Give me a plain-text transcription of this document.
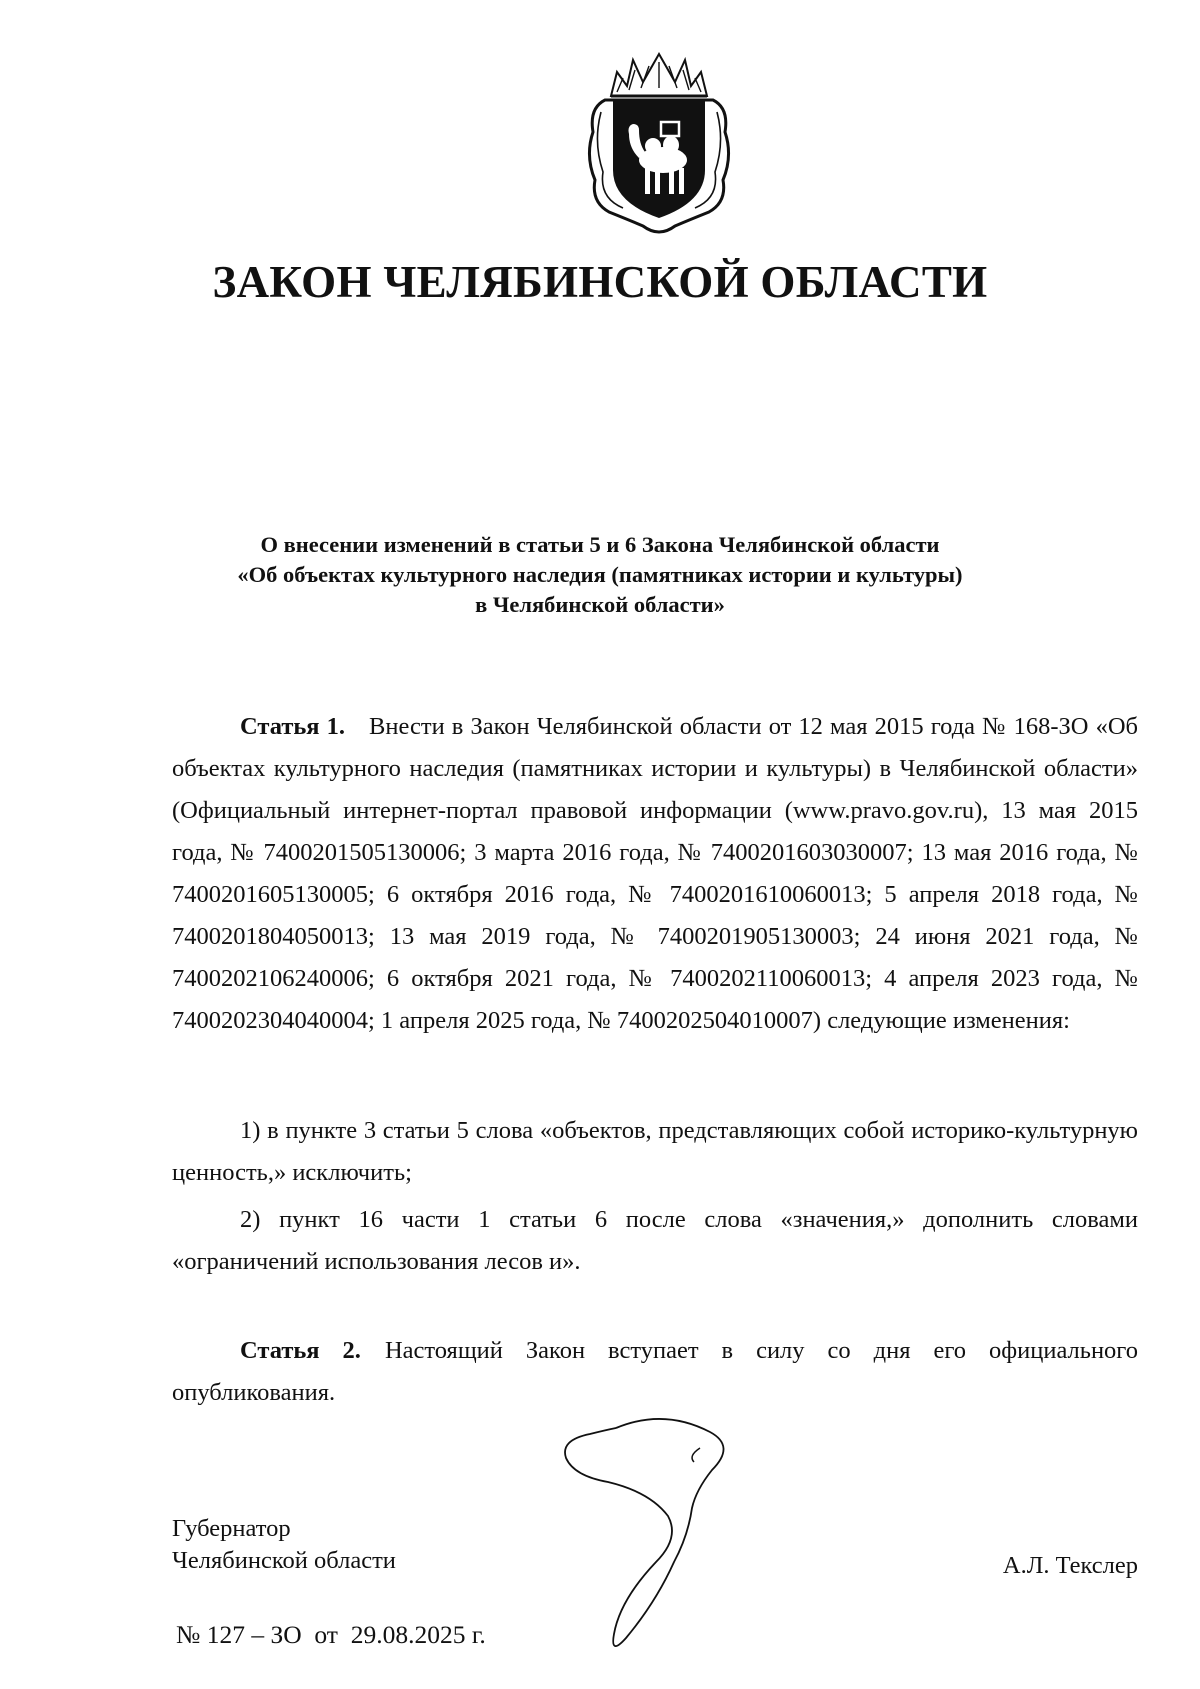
ЗАКОН ЧЕЛЯБИНСКОЙ ОБЛАСТИ
О внесении изменений в статьи 5 и 6 Закона Челябинской области
«Об объектах культурного наследия (памятниках истории и культуры)
в Челябинской области»

Статья 1. Внести в Закон Челябинской области от 12 мая 2015 года № 168-ЗО «Об объектах культурного наследия (памятниках истории и культуры) в Челябинской области» (Официальный интернет-портал правовой информации (www.pravo.gov.ru), 13 мая 2015 года, № 7400201505130006; 3 марта 2016 года, № 7400201603030007; 13 мая 2016 года, № 7400201605130005; 6 октября 2016 года, № 7400201610060013; 5 апреля 2018 года, № 7400201804050013; 13 мая 2019 года, № 7400201905130003; 24 июня 2021 года, № 7400202106240006; 6 октября 2021 года, № 7400202110060013; 4 апреля 2023 года, № 7400202304040004; 1 апреля 2025 года, № 7400202504010007) следующие изменения:

1) в пункте 3 статьи 5 слова «объектов, представляющих собой историко-культурную ценность,» исключить;

2) пункт 16 части 1 статьи 6 после слова «значения,» дополнить словами «ограничений использования лесов и».

Статья 2. Настоящий Закон вступает в силу со дня его официального опубликования.

Губернатор
Челябинской области	А.Л. Текслер
№ 127 – ЗО  от  29.08.2025 г.
